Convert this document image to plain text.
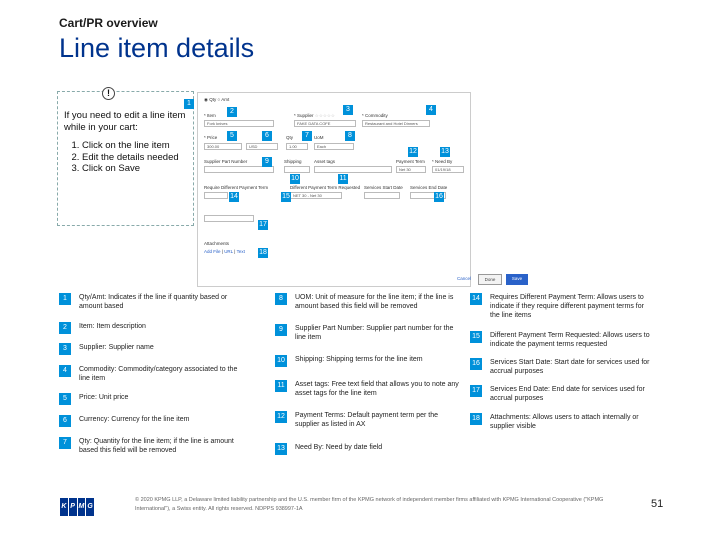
Cart/PR overview
Line item details
!

If you need to edit a line item while in your cart:

1. Click on the line item
2. Edit the details needed
3. Click on Save
1
◉ Qty ○ Amt
* Item
2
Fork knives
* Supplier ☆☆☆☆☆
3
FAKE DATA COFE
* Commodity
4
Restaurant and Hotel Dinners
* Price	5
300.00
6
USD
Qty	7
1.00
UoM	8
Each
12	13
Supplier Part Number	9	Shipping	Asset tags
10	11
Payment Term
Net 30
* Need By
01/19/18
Require Different Payment Term
14
Different Payment Term Requested
NET 30 - Net 30
15
Services Start Date Services End Date
16
17
Attachments
Add File | URL | Text 18
Cancel	Done	Save
1	Qty/Amt: Indicates if the line if quantity based or amount based
2	Item: Item description
3	Supplier: Supplier name
4	Commodity: Commodity/category associated to the line item
5	Price: Unit price
6	Currency: Currency for the line item
7	Qty: Quantity for the line item; if the line is amount based this field will be removed
8	UOM: Unit of measure for the line item; if the line is amount based this field will be removed
9	Supplier Part Number: Supplier part number for the line item
10	Shipping: Shipping terms for the line item
11	Asset tags: Free text field that allows you to note any asset tags for the line item
12	Payment Terms: Default payment term per the supplier as listed in AX
13	Need By: Need by date field
14	Requires Different Payment Term: Allows users to indicate if they require different payment terms for the line items
15	Different Payment Term Requested: Allows users to indicate the payment terms requested
16	Services Start Date: Start date for services used for accrual purposes
17	Services End Date: End date for services used for accrual purposes
18	Attachments: Allows users to attach internally or supplier visible
K P M G
© 2020 KPMG LLP, a Delaware limited liability partnership and the U.S. member firm of the KPMG network of independent member firms affiliated with KPMG International Cooperative ("KPMG International"), a Swiss entity. All rights reserved. NDPPS 938997-1A	51
